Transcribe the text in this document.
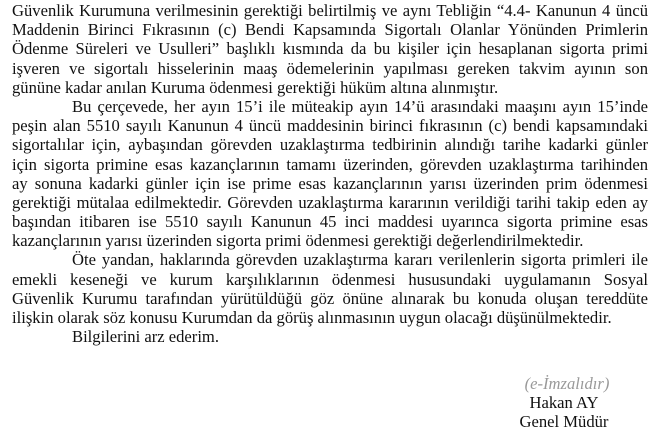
Güvenlik Kurumuna verilmesinin gerektiği belirtilmiş ve aynı Tebliğin “4.4- Kanunun 4 üncü
Maddenin Birinci Fıkrasının (c) Bendi Kapsamında Sigortalı Olanlar Yönünden Primlerin
Ödenme Süreleri ve Usulleri” başlıklı kısmında da bu kişiler için hesaplanan sigorta primi
işveren ve sigortalı hisselerinin maaş ödemelerinin yapılması gereken takvim ayının son
gününe kadar anılan Kuruma ödenmesi gerektiği hüküm altına alınmıştır.
Bu çerçevede, her ayın 15’i ile müteakip ayın 14’ü arasındaki maaşını ayın 15’inde
peşin alan 5510 sayılı Kanunun 4 üncü maddesinin birinci fıkrasının (c) bendi kapsamındaki
sigortalılar için, aybaşından görevden uzaklaştırma tedbirinin alındığı tarihe kadarki günler
için sigorta primine esas kazançlarının tamamı üzerinden, görevden uzaklaştırma tarihinden
ay sonuna kadarki günler için ise prime esas kazançlarının yarısı üzerinden prim ödenmesi
gerektiği mütalaa edilmektedir. Görevden uzaklaştırma kararının verildiği tarihi takip eden ay
başından itibaren ise 5510 sayılı Kanunun 45 inci maddesi uyarınca sigorta primine esas
kazançlarının yarısı üzerinden sigorta primi ödenmesi gerektiği değerlendirilmektedir.
Öte yandan, haklarında görevden uzaklaştırma kararı verilenlerin sigorta primleri ile
emekli keseneği ve kurum karşılıklarının ödenmesi hususundaki uygulamanın Sosyal
Güvenlik Kurumu tarafından yürütüldüğü göz önüne alınarak bu konuda oluşan tereddüte
ilişkin olarak söz konusu Kurumdan da görüş alınmasının uygun olacağı düşünülmektedir.
Bilgilerini arz ederim.
(e-İmzalıdır)
Hakan AY
Genel Müdür
